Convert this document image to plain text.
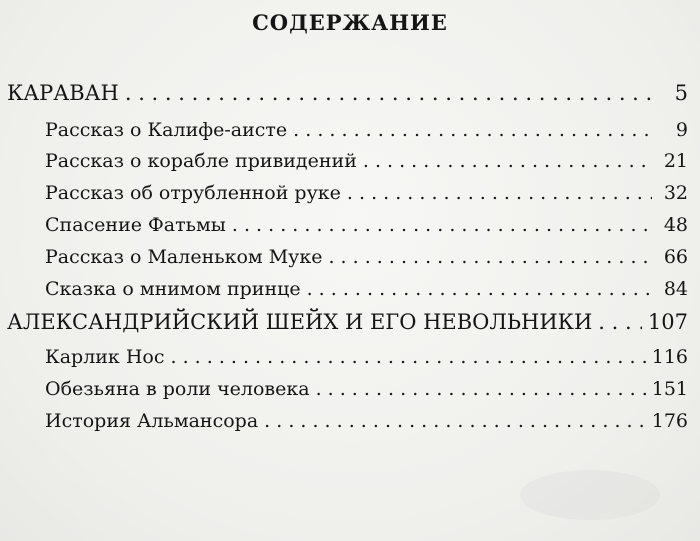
СОДЕРЖАНИЕ
КАРАВАН . . .	5
Рассказ о Калифе-аисте . . .	9
Рассказ о корабле привидений . . .	21
Рассказ об отрубленной руке . . .	32
Спасение Фатьмы . . .	48
Рассказ о Маленьком Муке . . .	66
Сказка о мнимом принце . . .	84
АЛЕКСАНДРИЙСКИЙ ШЕЙХ И ЕГО НЕВОЛЬНИКИ . . .	107
Карлик Нос . . .	116
Обезьяна в роли человека . . .	151
История Альмансора . . .	176
